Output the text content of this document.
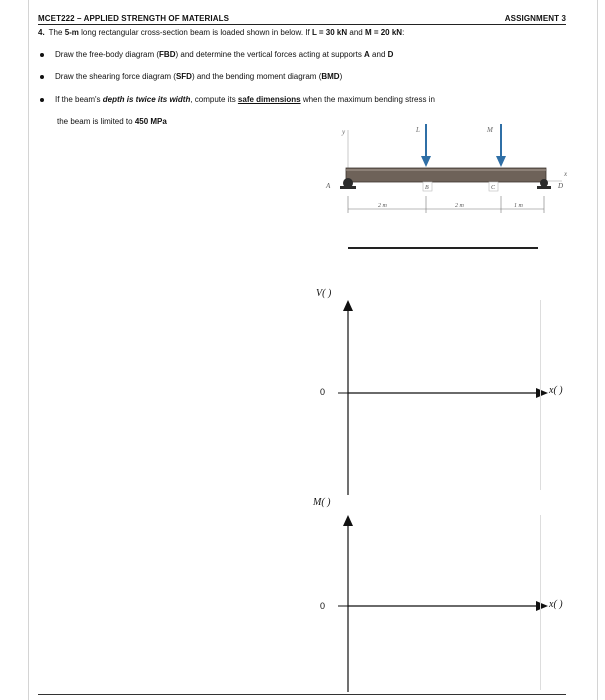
MCET222 – APPLIED STRENGTH OF MATERIALS	ASSIGNMENT 3
4. The 5-m long rectangular cross-section beam is loaded shown in below. If L = 30 kN and M = 20 kN:
Draw the free-body diagram (FBD) and determine the vertical forces acting at supports A and D
Draw the shearing force diagram (SFD) and the bending moment diagram (BMD)
If the beam's depth is twice its width, compute its safe dimensions when the maximum bending stress in
the beam is limited to 450 MPa
y
x
L	M
A	D
B	C
2 m	2 m	1 m
V( )
0	x( )
M( )
0	x( )
